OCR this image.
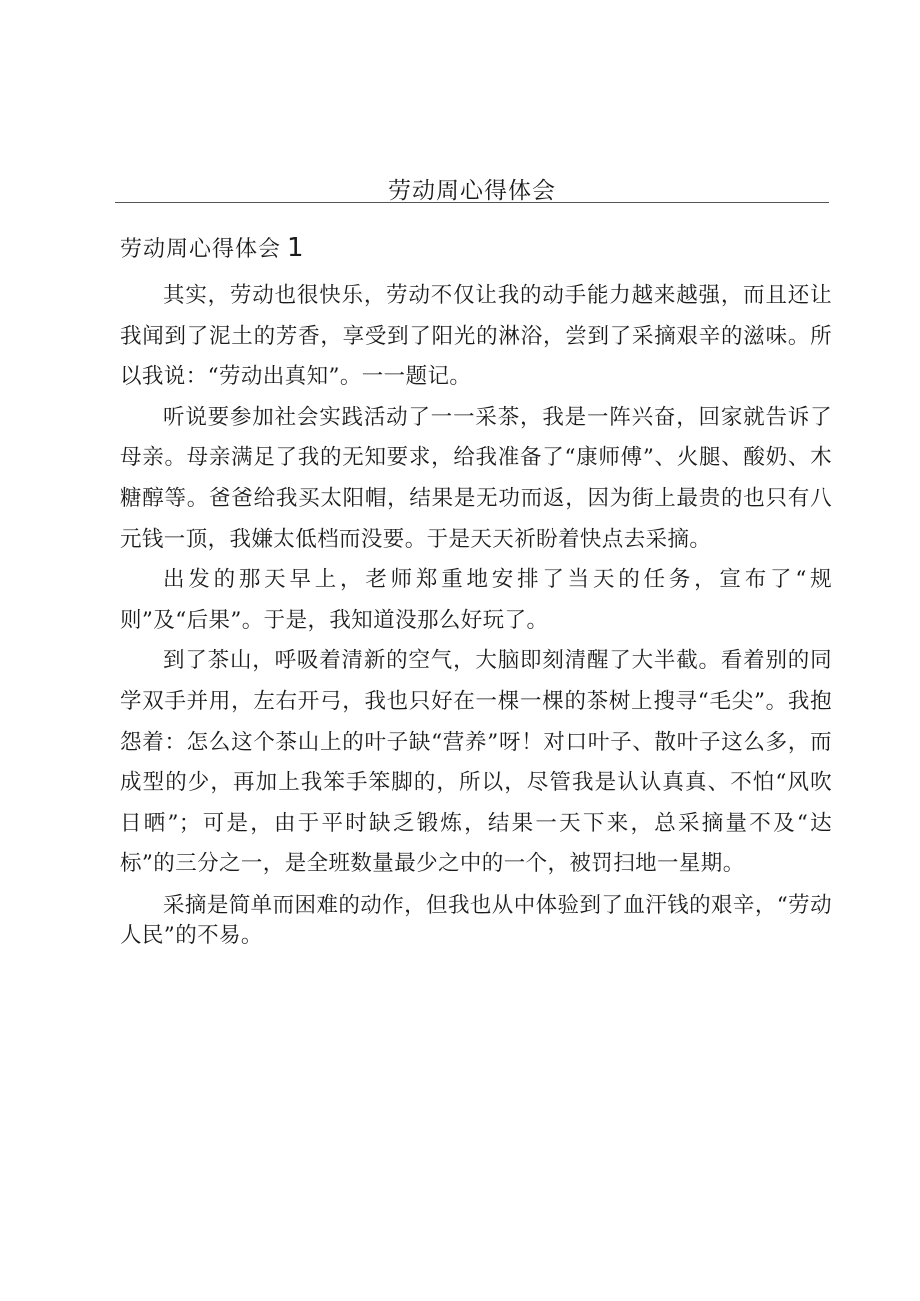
劳动周心得体会
劳动周心得体会 1

其实，劳动也很快乐，劳动不仅让我的动手能力越来越强，而且还让我闻到了泥土的芳香，享受到了阳光的淋浴，尝到了采摘艰辛的滋味。所以我说：“劳动出真知”。一一题记。

听说要参加社会实践活动了一一采茶，我是一阵兴奋，回家就告诉了母亲。母亲满足了我的无知要求，给我准备了“康师傅”、火腿、酸奶、木糖醇等。爸爸给我买太阳帽，结果是无功而返，因为街上最贵的也只有八元钱一顶，我嫌太低档而没要。于是天天祈盼着快点去采摘。

出发的那天早上，老师郑重地安排了当天的任务，宣布了“规则”及“后果”。于是，我知道没那么好玩了。

到了茶山，呼吸着清新的空气，大脑即刻清醒了大半截。看着别的同学双手并用，左右开弓，我也只好在一棵一棵的茶树上搜寻“毛尖”。我抱怨着：怎么这个茶山上的叶子缺“营养”呀！对口叶子、散叶子这么多，而成型的少，再加上我笨手笨脚的，所以，尽管我是认认真真、不怕“风吹日晒”；可是，由于平时缺乏锻炼，结果一天下来，总采摘量不及“达标”的三分之一，是全班数量最少之中的一个，被罚扫地一星期。

采摘是简单而困难的动作，但我也从中体验到了血汗钱的艰辛，“劳动人民”的不易。
